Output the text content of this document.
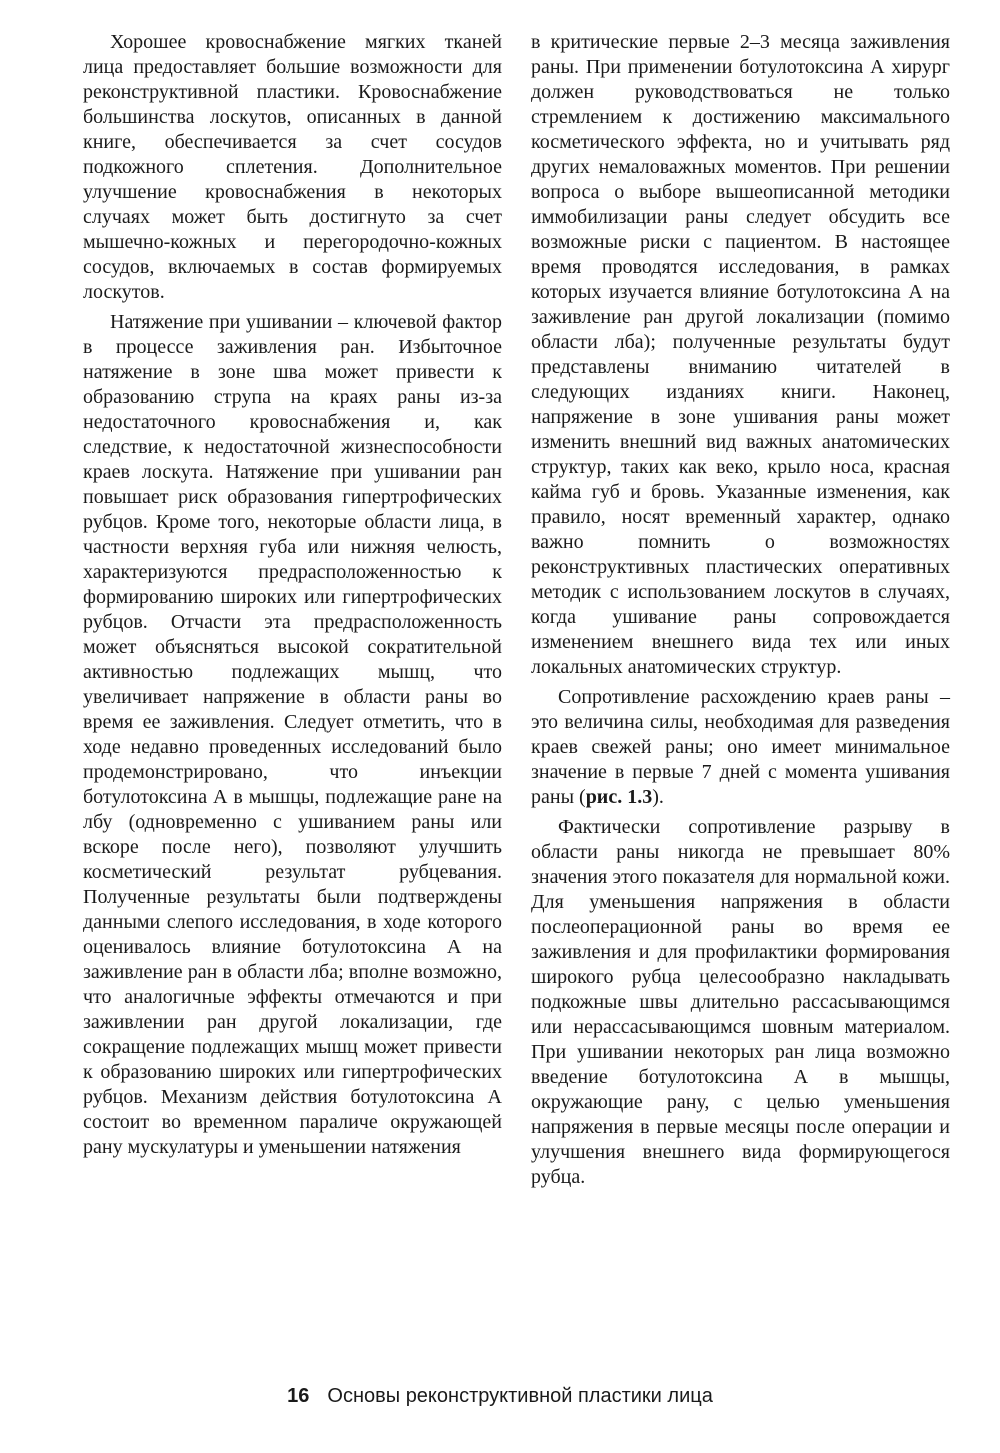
Хорошее кровоснабжение мягких тканей лица предоставляет большие возможности для реконструктивной пластики. Кровоснабжение большинства лоскутов, описанных в данной книге, обеспечивается за счет сосудов подкожного сплетения. Дополнительное улучшение кровоснабжения в некоторых случаях может быть достигнуто за счет мышечно-кожных и перегородочно-кожных сосудов, включаемых в состав формируемых лоскутов.

Натяжение при ушивании – ключевой фактор в процессе заживления ран. Избыточное натяжение в зоне шва может привести к образованию струпа на краях раны из-за недостаточного кровоснабжения и, как следствие, к недостаточной жизнеспособности краев лоскута. Натяжение при ушивании ран повышает риск образования гипертрофических рубцов. Кроме того, некоторые области лица, в частности верхняя губа или нижняя челюсть, характеризуются предрасположенностью к формированию широких или гипертрофических рубцов. Отчасти эта предрасположенность может объясняться высокой сократительной активностью подлежащих мышц, что увеличивает напряжение в области раны во время ее заживления. Следует отметить, что в ходе недавно проведенных исследований было продемонстрировано, что инъекции ботулотоксина А в мышцы, подлежащие ране на лбу (одновременно с ушиванием раны или вскоре после него), позволяют улучшить косметический результат рубцевания. Полученные результаты были подтверждены данными слепого исследования, в ходе которого оценивалось влияние ботулотоксина А на заживление ран в области лба; вполне возможно, что аналогичные эффекты отмечаются и при заживлении ран другой локализации, где сокращение подлежащих мышц может привести к образованию широких или гипертрофических рубцов. Механизм действия ботулотоксина А состоит во временном параличе окружающей рану мускулатуры и уменьшении натяжения

в критические первые 2–3 месяца заживления раны. При применении ботулотоксина А хирург должен руководствоваться не только стремлением к достижению максимального косметического эффекта, но и учитывать ряд других немаловажных моментов. При решении вопроса о выборе вышеописанной методики иммобилизации раны следует обсудить все возможные риски с пациентом. В настоящее время проводятся исследования, в рамках которых изучается влияние ботулотоксина А на заживление ран другой локализации (помимо области лба); полученные результаты будут представлены вниманию читателей в следующих изданиях книги. Наконец, напряжение в зоне ушивания раны может изменить внешний вид важных анатомических структур, таких как веко, крыло носа, красная кайма губ и бровь. Указанные изменения, как правило, носят временный характер, однако важно помнить о возможностях реконструктивных пластических оперативных методик с использованием лоскутов в случаях, когда ушивание раны сопровождается изменением внешнего вида тех или иных локальных анатомических структур.

Сопротивление расхождению краев раны – это величина силы, необходимая для разведения краев свежей раны; оно имеет минимальное значение в первые 7 дней с момента ушивания раны (рис. 1.3).

Фактически сопротивление разрыву в области раны никогда не превышает 80% значения этого показателя для нормальной кожи. Для уменьшения напряжения в области послеоперационной раны во время ее заживления и для профилактики формирования широкого рубца целесообразно накладывать подкожные швы длительно рассасывающимся или нерассасывающимся шовным материалом. При ушивании некоторых ран лица возможно введение ботулотоксина А в мышцы, окружающие рану, с целью уменьшения напряжения в первые месяцы после операции и улучшения внешнего вида формирующегося рубца.

16 Основы реконструктивной пластики лица
